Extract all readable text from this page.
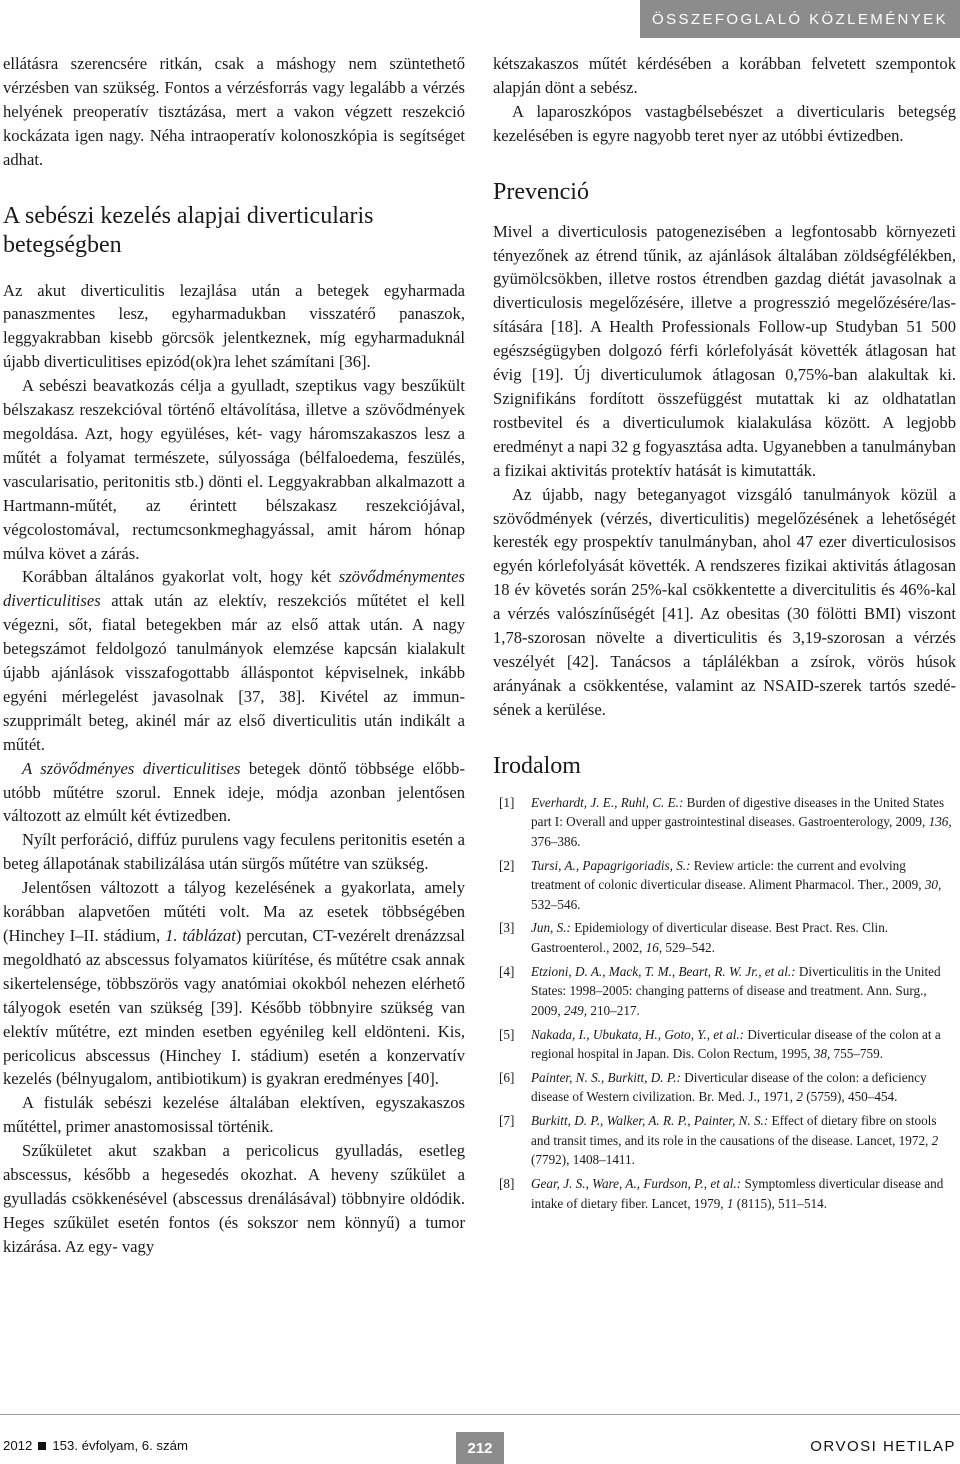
ÖSSZEFOGLALÓ KÖZLEMÉNYEK

ellátásra szerencsére ritkán, csak a máshogy nem szüntethető vérzésben van szükség. Fontos a vérzésforrás vagy legalább a vérzés helyének preoperatív tisztázása, mert a vakon végzett reszekció kockázata igen nagy. Néha intraoperatív kolonoszkópia is segítséget adhat.

A sebészi kezelés alapjai diverticularis betegségben

Az akut diverticulitis lezajlása után a betegek egyharmada panaszmentes lesz, egyharmadukban visszatérő panaszok, leggyakrabban kisebb görcsök jelentkeznek, míg egyharmaduknál újabb diverticulitises epizód(ok)ra lehet számítani [36].

A sebészi beavatkozás célja a gyulladt, szeptikus vagy beszűkült bélszakasz reszekcióval történő eltávolítása, illetve a szövődmények megoldása. Azt, hogy együléses, két- vagy háromszakaszos lesz a műtét a folyamat természete, súlyossága (bélfaloedema, feszülés, vascularisatio, peritonitis stb.) dönti el. Leggyakrabban alkalmazott a Hartmann-műtét, az érintett bélszakasz reszekciójával, végcolostomával, rectumcsonkmeghagyással, amit három hónap múlva követ a zárás.

Korábban általános gyakorlat volt, hogy két szövődménymentes diverticulitises attak után az elektív, reszekciós műtétet el kell végezni, sőt, fiatal betegekben már az első attak után. A nagy betegszámot feldolgozó tanulmányok elemzése kapcsán kialakult újabb ajánlások visszafogottabb álláspontot képviselnek, inkább egyéni mérlegelést javasolnak [37, 38]. Kivétel az immunszupprimált beteg, akinél már az első diverticulitis után indikált a műtét.

A szövődményes diverticulitises betegek döntő többsége előbb-utóbb műtétre szorul. Ennek ideje, módja azonban jelentősen változott az elmúlt két évtizedben.

Nyílt perforáció, diffúz purulens vagy feculens peritonitis esetén a beteg állapotának stabilizálása után sürgős műtétre van szükség.

Jelentősen változott a tályog kezelésének a gyakorlata, amely korábban alapvetően műtéti volt. Ma az esetek többségében (Hinchey I–II. stádium, 1. táblázat) percutan, CT-vezérelt drenázzsal megoldható az abscessus folyamatos kiürítése, és műtétre csak annak sikertelensége, többszörös vagy anatómiai okokból nehezen elérhető tályogok esetén van szükség [39]. Később többnyire szükség van elektív műtétre, ezt minden esetben egyénileg kell eldönteni. Kis, pericolicus abscessus (Hinchey I. stádium) esetén a konzervatív kezelés (bélnyugalom, antibiotikum) is gyakran eredményes [40].

A fistulák sebészi kezelése általában elektíven, egyszakaszos műtéttel, primer anastomosissal történik.

Szűkületet akut szakban a pericolicus gyulladás, esetleg abscessus, később a hegesedés okozhat. A heveny szűkület a gyulladás csökkenésével (abscessus drenálásával) többnyire oldódik. Heges szűkület esetén fontos (és sokszor nem könnyű) a tumor kizárása. Az egy- vagy

kétszakaszos műtét kérdésében a korábban felvetett szempontok alapján dönt a sebész.

A laparoszkópos vastagbélsebészet a diverticularis betegség kezelésében is egyre nagyobb teret nyer az utóbbi évtizedben.

Prevenció

Mivel a diverticulosis patogenezisében a legfontosabb környezeti tényezőnek az étrend tűnik, az ajánlások általában zöldségfélékben, gyümölcsökben, illetve rostos étrendben gazdag diétát javasolnak a diverticulosis megelőzésére, illetve a progresszió megelőzésére/lassítására [18]. A Health Professionals Follow-up Studyban 51 500 egészségügyben dolgozó férfi kórlefolyását követték átlagosan hat évig [19]. Új diverticulumok átlagosan 0,75%-ban alakultak ki. Szignifikáns fordított összefüggést mutattak ki az oldhatatlan rostbevitel és a diverticulumok kialakulása között. A legjobb eredményt a napi 32 g fogyasztása adta. Ugyanebben a tanulmányban a fizikai aktivitás protektív hatását is kimutatták.

Az újabb, nagy beteganyagot vizsgáló tanulmányok közül a szövődmények (vérzés, diverticulitis) megelőzésének a lehetőségét keresték egy prospektív tanulmányban, ahol 47 ezer diverticulosisos egyén kórlefolyását követték. A rendszeres fizikai aktivitás átlagosan 18 év követés során 25%-kal csökkentette a divercitulitis és 46%-kal a vérzés valószínűségét [41]. Az obesitas (30 fölötti BMI) viszont 1,78-szorosan növelte a diverticulitis és 3,19-szorosan a vérzés veszélyét [42]. Tanácsos a táplálékban a zsírok, vörös húsok arányának a csökkentése, valamint az NSAID-szerek tartós szedésének a kerülése.

Irodalom
[1] Everhardt, J. E., Ruhl, C. E.: Burden of digestive diseases in the United States part I: Overall and upper gastrointestinal diseases. Gastroenterology, 2009, 136, 376–386.
[2] Tursi, A., Papagrigoriadis, S.: Review article: the current and evolving treatment of colonic diverticular disease. Aliment Pharmacol. Ther., 2009, 30, 532–546.
[3] Jun, S.: Epidemiology of diverticular disease. Best Pract. Res. Clin. Gastroenterol., 2002, 16, 529–542.
[4] Etzioni, D. A., Mack, T. M., Beart, R. W. Jr., et al.: Diverticulitis in the United States: 1998–2005: changing patterns of disease and treatment. Ann. Surg., 2009, 249, 210–217.
[5] Nakada, I., Ubukata, H., Goto, Y., et al.: Diverticular disease of the colon at a regional hospital in Japan. Dis. Colon Rectum, 1995, 38, 755–759.
[6] Painter, N. S., Burkitt, D. P.: Diverticular disease of the colon: a deficiency disease of Western civilization. Br. Med. J., 1971, 2 (5759), 450–454.
[7] Burkitt, D. P., Walker, A. R. P., Painter, N. S.: Effect of dietary fibre on stools and transit times, and its role in the causations of the disease. Lancet, 1972, 2 (7792), 1408–1411.
[8] Gear, J. S., Ware, A., Furdson, P., et al.: Symptomless diverticular disease and intake of dietary fiber. Lancet, 1979, 1 (8115), 511–514.
2012 153. évfolyam, 6. szám	212	ORVOSI HETILAP
